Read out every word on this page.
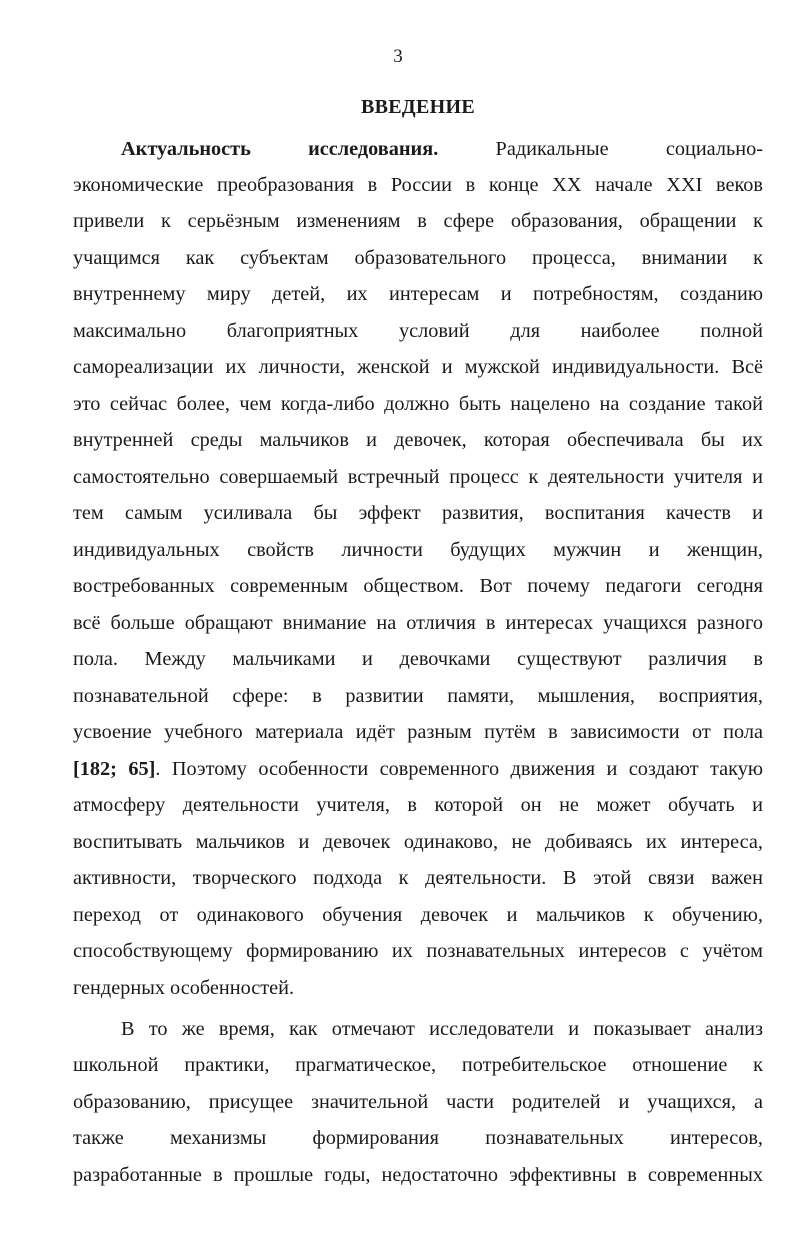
3
ВВЕДЕНИЕ
Актуальность исследования.	Радикальные социально-
экономические преобразования в России в конце XX начале XXI веков
привели к серьёзным изменениям в сфере образования, обращении к
учащимся как субъектам образовательного процесса, внимании к
внутреннему миру детей, их интересам и потребностям, созданию
максимально благоприятных условий для наиболее полной
самореализации их личности, женской и мужской индивидуальности. Всё
это сейчас более, чем когда-либо должно быть нацелено на создание такой
внутренней среды мальчиков и девочек, которая обеспечивала бы их
самостоятельно совершаемый встречный процесс к деятельности учителя и
тем самым усиливала бы эффект развития, воспитания качеств и
индивидуальных свойств личности будущих мужчин и женщин,
востребованных современным обществом. Вот почему педагоги сегодня
всё больше обращают внимание на отличия в интересах учащихся разного
пола. Между мальчиками и девочками существуют различия в
познавательной сфере: в развитии памяти, мышления, восприятия,
усвоение учебного материала идёт разным путём в зависимости от пола
[182; 65]. Поэтому особенности современного движения и создают такую
атмосферу деятельности учителя, в которой он не может обучать и
воспитывать мальчиков и девочек одинаково, не добиваясь их интереса,
активности, творческого подхода к деятельности. В этой связи важен
переход от одинакового обучения девочек и мальчиков к обучению,
способствующему формированию их познавательных интересов с учётом
гендерных особенностей.
В то же время, как отмечают исследователи и показывает анализ
школьной практики, прагматическое, потребительское отношение к
образованию, присущее значительной части родителей и учащихся, а
также механизмы формирования познавательных интересов,
разработанные в прошлые годы, недостаточно эффективны в современных
